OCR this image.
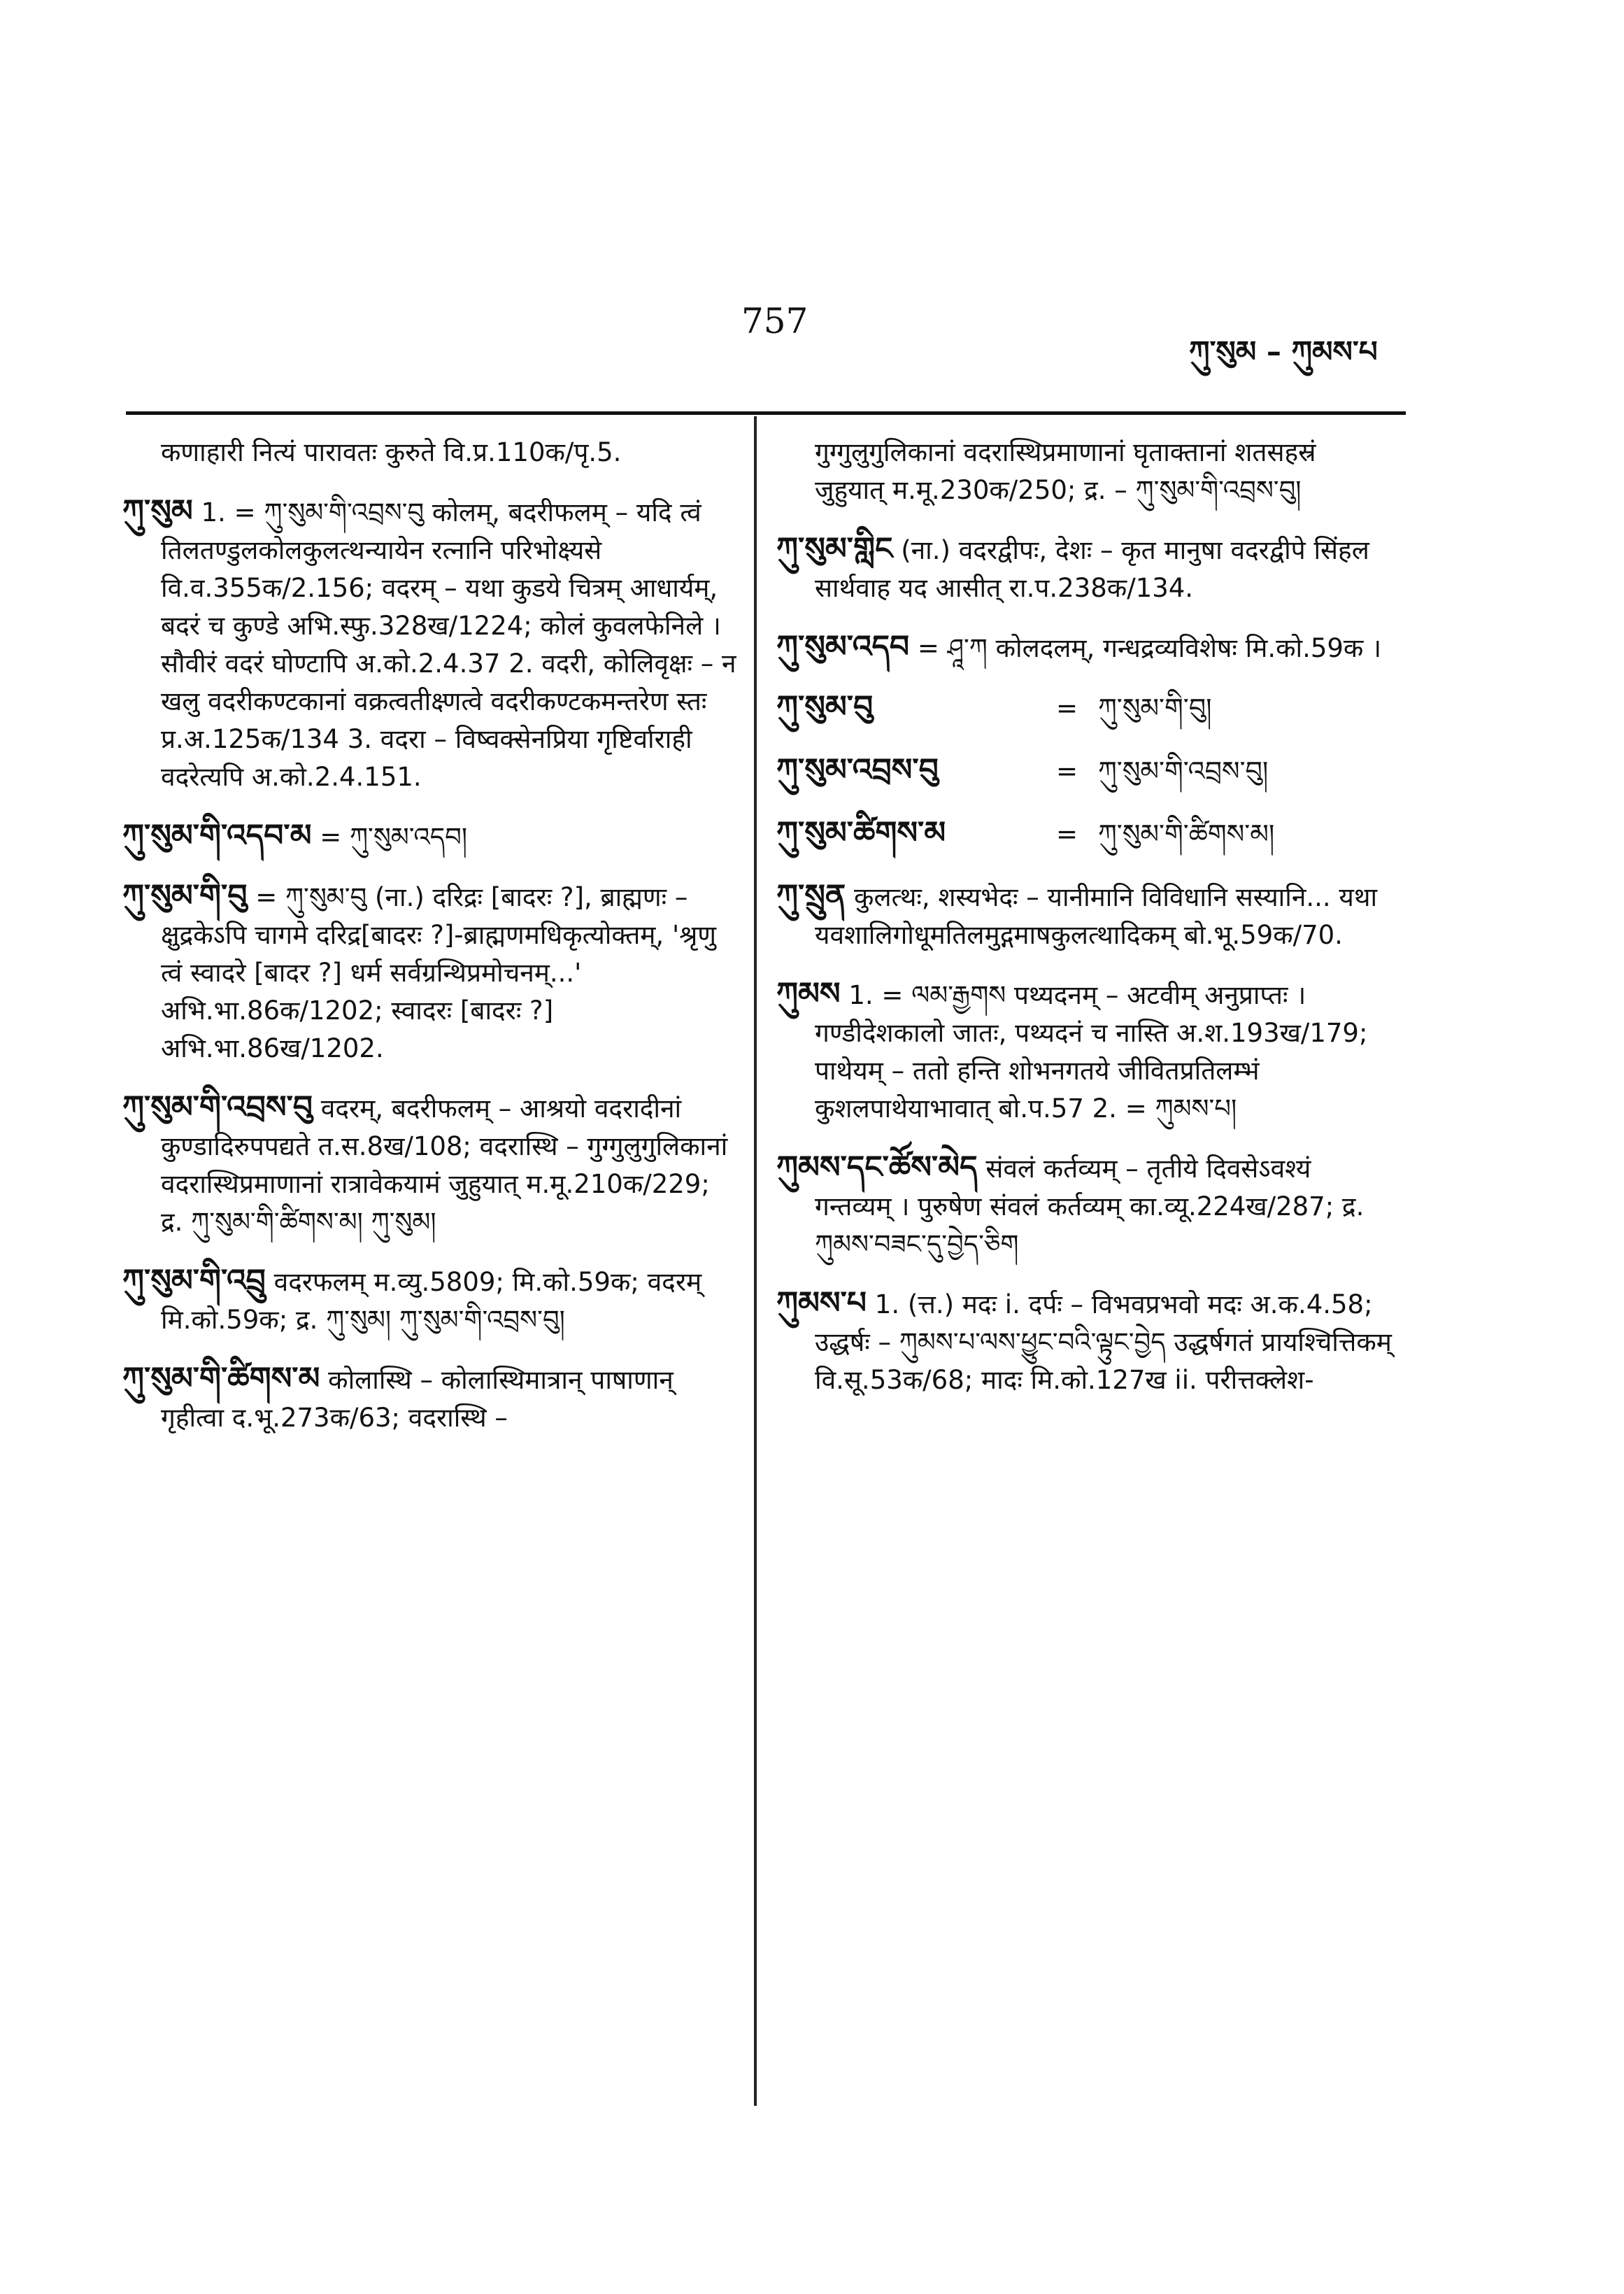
757
ཀུ་སུམ – ཀུམས་པ
कणाहारी नित्यं पारावतः कुरुते वि.प्र.110क/पृ.5.
ཀུ་སུམ 1. = ཀུ་སུམ་གི་འབྲས་བུ कोलम्, बदरीफलम् – यदि त्वं तिलतण्डुलकोलकुलत्थन्यायेन रत्नानि परिभोक्ष्यसे वि.व.355क/2.156; वदरम् – यथा कुडये चित्रम् आधार्यम्, बदरं च कुण्डे अभि.स्फु.328ख/1224; कोलं कुवलफेनिले । सौवीरं वदरं घोण्टापि अ.को.2.4.37 2. वदरी, कोलिवृक्षः – न खलु वदरीकण्टकानां वक्रत्वतीक्ष्णत्वे वदरीकण्टकमन्तरेण स्तः प्र.अ.125क/134 3. वदरा – विष्वक्सेनप्रिया गृष्टिर्वाराही वदरेत्यपि अ.को.2.4.151.
ཀུ་སུམ་གི་འདབ་མ = ཀུ་སུམ་འདབ།
ཀུ་སུམ་གི་བུ = ཀུ་སུམ་བུ (ना.) दरिद्रः [बादरः ?], ब्राह्मणः – क्षुद्रकेऽपि चागमे दरिद्र[बादरः ?]-ब्राह्मणमधिकृत्योक्तम्, 'श्रृणु त्वं स्वादरे [बादर ?] धर्म सर्वग्रन्थिप्रमोचनम्...' अभि.भा.86क/1202; स्वादरः [बादरः ?] अभि.भा.86ख/1202.
ཀུ་སུམ་གི་འབྲས་བུ वदरम्, बदरीफलम् – आश्रयो वदरादीनां कुण्डादिरुपपद्यते त.स.8ख/108; वदरास्थि – गुग्गुलुगुलिकानां वदरास्थिप्रमाणानां रात्रावेकयामं जुहुयात् म.मू.210क/229; द्र. ཀུ་སུམ་གི་ཚིགས་མ། ཀུ་སུམ།
ཀུ་སུམ་གི་འབྲུ वदरफलम् म.व्यु.5809; मि.को.59क; वदरम् मि.को.59क; द्र. ཀུ་སུམ། ཀུ་སུམ་གི་འབྲས་བུ།
ཀུ་སུམ་གི་ཚིགས་མ कोलास्थि – कोलास्थिमात्रान् पाषाणान् गृहीत्वा द.भू.273क/63; वदरास्थि –
गुग्गुलुगुलिकानां वदरास्थिप्रमाणानां घृताक्तानां शतसहस्रं जुहुयात् म.मू.230क/250; द्र. – ཀུ་སུམ་གི་འབྲས་བུ།
ཀུ་སུམ་གླིང (ना.) वदरद्वीपः, देशः – कृत मानुषा वदरद्वीपे सिंहल सार्थवाह यद आसीत् रा.प.238क/134.
ཀུ་སུམ་འདབ = ཤཱ་ཀ कोलदलम्, गन्धद्रव्यविशेषः मि.को.59क ।
ཀུ་སུམ་བུ	= ཀུ་སུམ་གི་བུ།
ཀུ་སུམ་འབྲས་བུ	= ཀུ་སུམ་གི་འབྲས་བུ།
ཀུ་སུམ་ཚིགས་མ	= ཀུ་སུམ་གི་ཚིགས་མ།
ཀུ་སྲུན कुलत्थः, शस्यभेदः – यानीमानि विविधानि सस्यानि... यथा यवशालिगोधूमतिलमुद्गमाषकुलत्थादिकम् बो.भू.59क/70.
ཀུམས 1. = ལམ་རྒྱགས पथ्यदनम् – अटवीम् अनुप्राप्तः । गण्डीदेशकालो जातः, पथ्यदनं च नास्ति अ.श.193ख/179; पाथेयम् – ततो हन्ति शोभनगतये जीवितप्रतिलम्भं कुशलपाथेयाभावात् बो.प.57 2. = ཀུམས་པ།
ཀུམས་དང་ཚོས་མེད संवलं कर्तव्यम् – तृतीये दिवसेऽवश्यं गन्तव्यम् । पुरुषेण संवलं कर्तव्यम् का.व्यू.224ख/287; द्र. ཀུམས་བཟང་དུ་བྱེད་ཅིག
ཀུམས་པ 1. (त्त.) मदः i. दर्पः – विभवप्रभवो मदः अ.क.4.58; उद्धर्षः – ཀུམས་པ་ལས་ཕྱུང་བའི་ལྟུང་བྱེད उद्धर्षगतं प्रायश्चित्तिकम् वि.सू.53क/68; मादः मि.को.127ख ii. परीत्तक्लेश-
